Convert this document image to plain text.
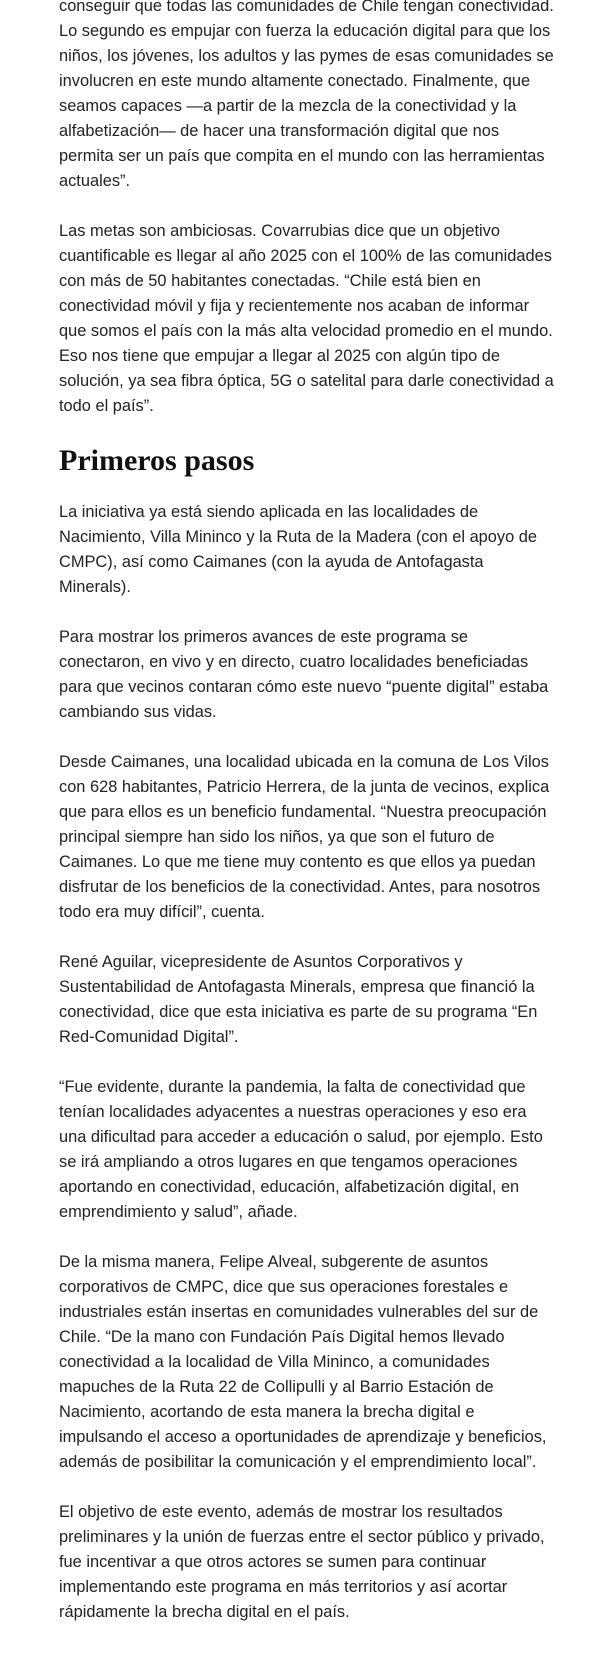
conseguir que todas las comunidades de Chile tengan conectividad. Lo segundo es empujar con fuerza la educación digital para que los niños, los jóvenes, los adultos y las pymes de esas comunidades se involucren en este mundo altamente conectado. Finalmente, que seamos capaces —a partir de la mezcla de la conectividad y la alfabetización— de hacer una transformación digital que nos permita ser un país que compita en el mundo con las herramientas actuales”.

Las metas son ambiciosas. Covarrubias dice que un objetivo cuantificable es llegar al año 2025 con el 100% de las comunidades con más de 50 habitantes conectadas. “Chile está bien en conectividad móvil y fija y recientemente nos acaban de informar que somos el país con la más alta velocidad promedio en el mundo. Eso nos tiene que empujar a llegar al 2025 con algún tipo de solución, ya sea fibra óptica, 5G o satelital para darle conectividad a todo el país”.

Primeros pasos

La iniciativa ya está siendo aplicada en las localidades de Nacimiento, Villa Mininco y la Ruta de la Madera (con el apoyo de CMPC), así como Caimanes (con la ayuda de Antofagasta Minerals).

Para mostrar los primeros avances de este programa se conectaron, en vivo y en directo, cuatro localidades beneficiadas para que vecinos contaran cómo este nuevo “puente digital” estaba cambiando sus vidas.

Desde Caimanes, una localidad ubicada en la comuna de Los Vilos con 628 habitantes, Patricio Herrera, de la junta de vecinos, explica que para ellos es un beneficio fundamental. “Nuestra preocupación principal siempre han sido los niños, ya que son el futuro de Caimanes. Lo que me tiene muy contento es que ellos ya puedan disfrutar de los beneficios de la conectividad. Antes, para nosotros todo era muy difícil”, cuenta.

René Aguilar, vicepresidente de Asuntos Corporativos y Sustentabilidad de Antofagasta Minerals, empresa que financió la conectividad, dice que esta iniciativa es parte de su programa “En Red-Comunidad Digital”.

“Fue evidente, durante la pandemia, la falta de conectividad que tenían localidades adyacentes a nuestras operaciones y eso era una dificultad para acceder a educación o salud, por ejemplo. Esto se irá ampliando a otros lugares en que tengamos operaciones aportando en conectividad, educación, alfabetización digital, en emprendimiento y salud”, añade.

De la misma manera, Felipe Alveal, subgerente de asuntos corporativos de CMPC, dice que sus operaciones forestales e industriales están insertas en comunidades vulnerables del sur de Chile. “De la mano con Fundación País Digital hemos llevado conectividad a la localidad de Villa Mininco, a comunidades mapuches de la Ruta 22 de Collipulli y al Barrio Estación de Nacimiento, acortando de esta manera la brecha digital e impulsando el acceso a oportunidades de aprendizaje y beneficios, además de posibilitar la comunicación y el emprendimiento local”.

El objetivo de este evento, además de mostrar los resultados preliminares y la unión de fuerzas entre el sector público y privado, fue incentivar a que otros actores se sumen para continuar implementando este programa en más territorios y así acortar rápidamente la brecha digital en el país.
